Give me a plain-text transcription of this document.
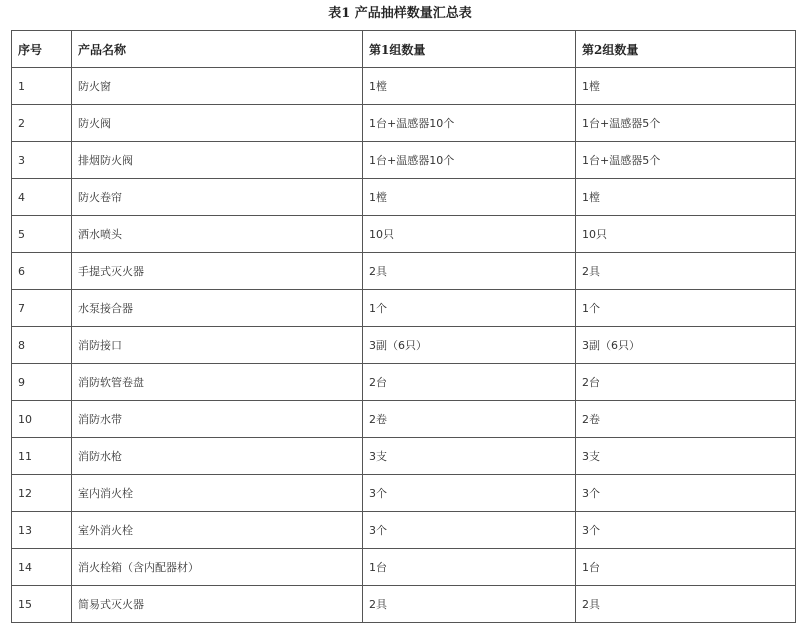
表1 产品抽样数量汇总表
序号	产品名称	第1组数量	第2组数量
1	防火窗	1樘	1樘
2	防火阀	1台+温感器10个	1台+温感器5个
3	排烟防火阀	1台+温感器10个	1台+温感器5个
4	防火卷帘	1樘	1樘
5	洒水喷头	10只	10只
6	手提式灭火器	2具	2具
7	水泵接合器	1个	1个
8	消防接口	3副（6只）	3副（6只）
9	消防软管卷盘	2台	2台
10	消防水带	2卷	2卷
11	消防水枪	3支	3支
12	室内消火栓	3个	3个
13	室外消火栓	3个	3个
14	消火栓箱（含内配器材）	1台	1台
15	简易式灭火器	2具	2具
